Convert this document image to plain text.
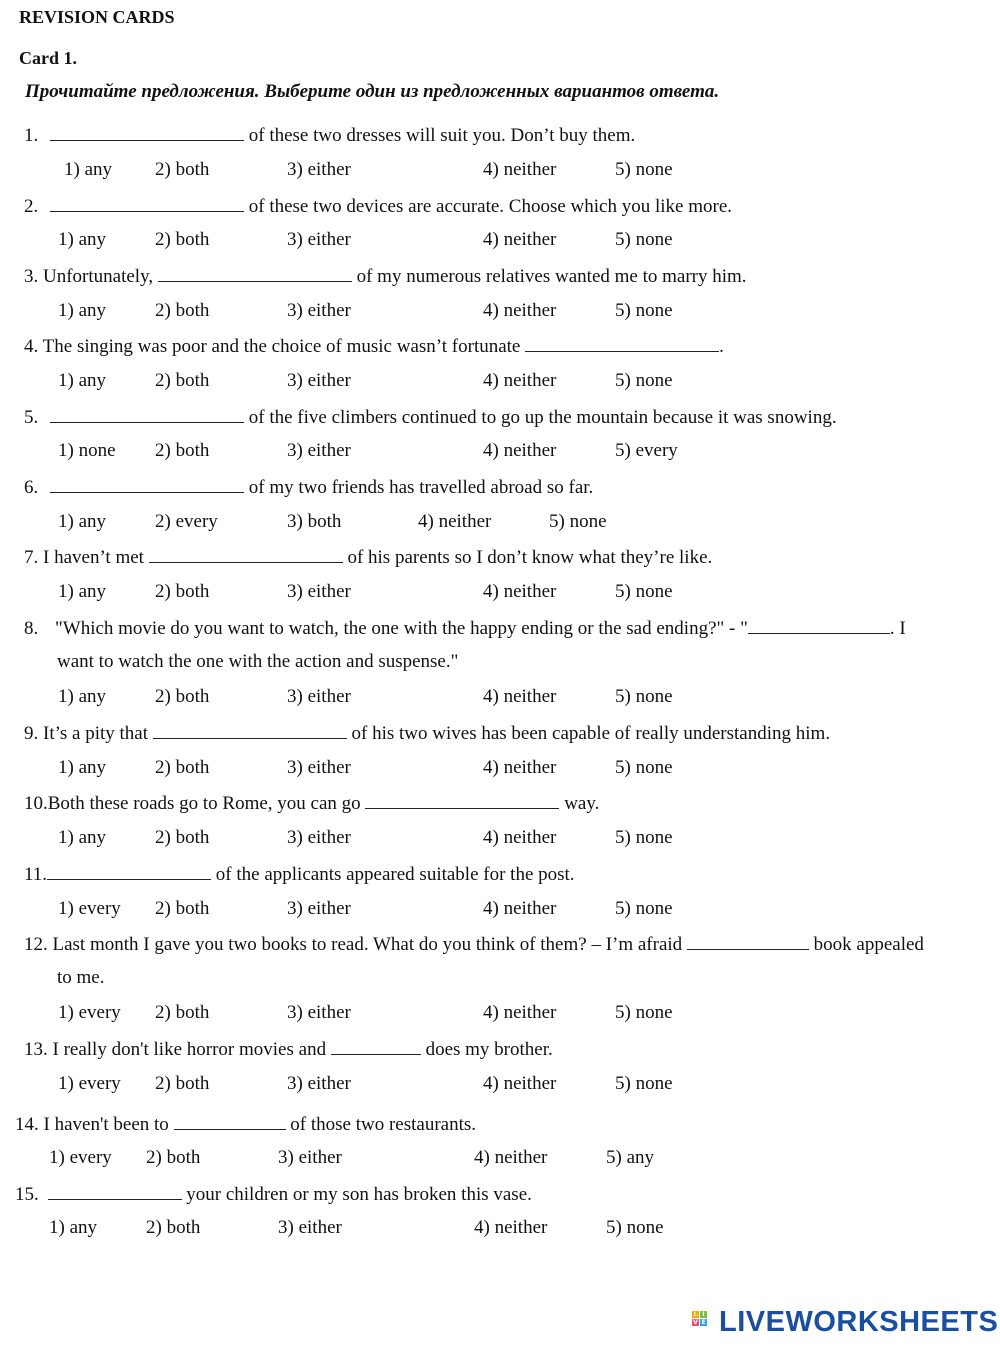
REVISION CARDS
Card 1.
Прочитайте предложения. Выберите один из предложенных вариантов ответа.
1.	of these two dresses will suit you. Don’t buy them.
1) any 2) both	3) either	4) neither	5) none
2.	of these two devices are accurate. Choose which you like more.
1) any	2) both	3) either	4) neither	5) none
3. Unfortunately,	of my numerous relatives wanted me to marry him.
1) any	2) both	3) either	4) neither	5) none
4. The singing was poor and the choice of music wasn’t fortunate	.
1) any	2) both	3) either	4) neither	5) none
5.	of the five climbers continued to go up the mountain because it was snowing.
1) none 2) both	3) either	4) neither	5) every
6.	of my two friends has travelled abroad so far.
1) any	2) every	3) both	4) neither	5) none
7. I haven’t met	of his parents so I don’t know what they’re like.
1) any	2) both	3) either	4) neither	5) none
8. "Which movie do you want to watch, the one with the happy ending or the sad ending?" - "	. I
want to watch the one with the action and suspense."
1) any	2) both	3) either	4) neither	5) none
9. It’s a pity that	of his two wives has been capable of really understanding him.
1) any	2) both	3) either	4) neither	5) none
10.Both these roads go to Rome, you can go	way.
1) any	2) both	3) either	4) neither	5) none
11.	of the applicants appeared suitable for the post.
1) every 2) both	3) either	4) neither	5) none
12. Last month I gave you two books to read. What do you think of them? – I’m afraid	book appealed
to me.
1) every 2) both	3) either	4) neither	5) none
13. I really don't like horror movies and	does my brother.
1) every 2) both	3) either	4) neither	5) none
14. I haven't been to	of those two restaurants.
1) every 2) both	3) either	4) neither	5) any
15.	your children or my son has broken this vase.
1) any	2) both	3) either	4) neither	5) none
L I
V E LIVEWORKSHEETS
